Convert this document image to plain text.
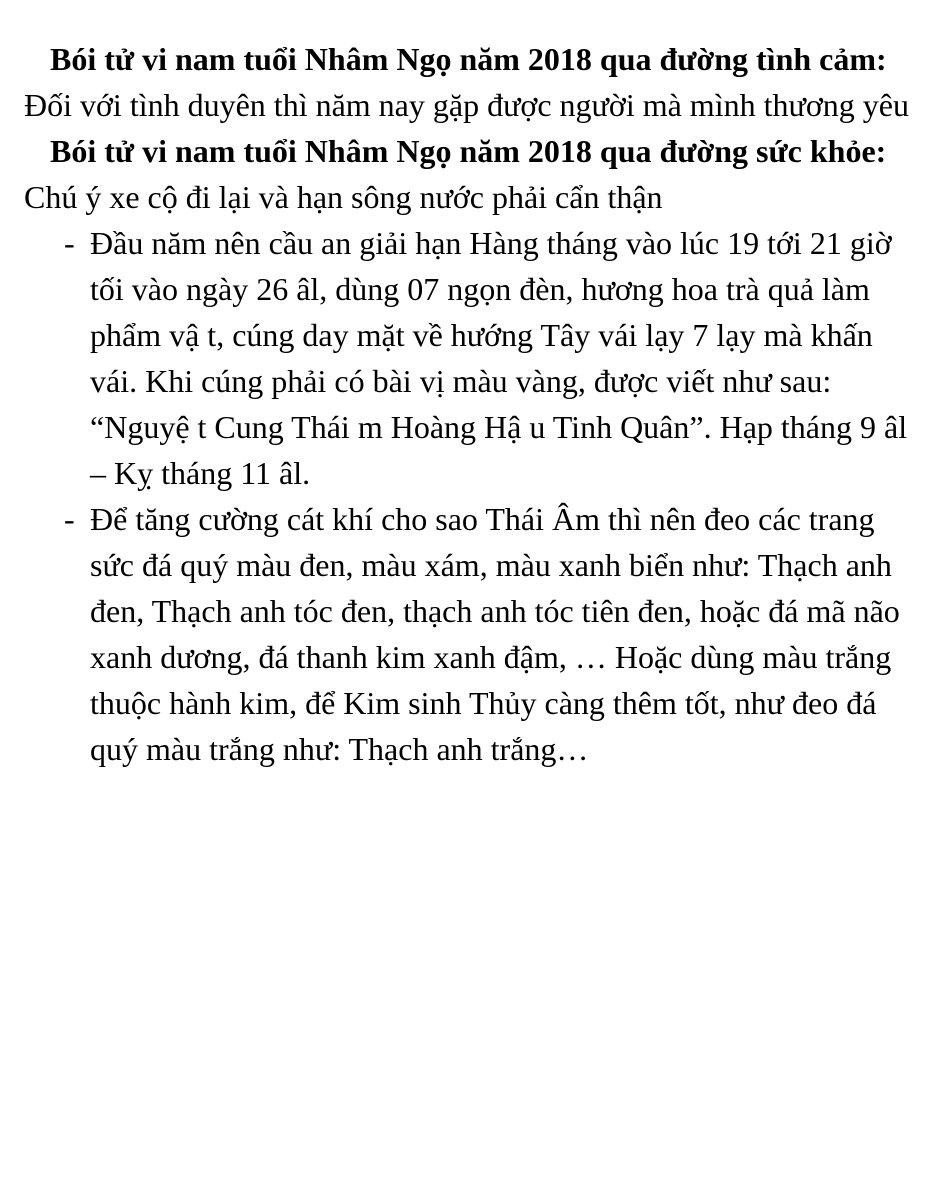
Bói tử vi nam tuổi Nhâm Ngọ năm 2018 qua đường tình cảm: Đối với tình duyên thì năm nay gặp được người mà mình thương yêu

Bói tử vi nam tuổi Nhâm Ngọ năm 2018 qua đường sức khỏe: Chú ý xe cộ đi lại và hạn sông nước phải cẩn thận

- Đầu năm nên cầu an giải hạn Hàng tháng vào lúc 19 tới 21 giờ tối vào ngày 26 âl, dùng 07 ngọn đèn, hương hoa trà quả làm phẩm vậ t, cúng day mặt về hướng Tây vái lạy 7 lạy mà khấn vái. Khi cúng phải có bài vị màu vàng, được viết như sau: “Nguyệ t Cung Thái m Hoàng Hậ u Tinh Quân”. Hạp tháng 9 âl – Kỵ tháng 11 âl.
- Để tăng cường cát khí cho sao Thái Âm thì nên đeo các trang sức đá quý màu đen, màu xám, màu xanh biển như: Thạch anh đen, Thạch anh tóc đen, thạch anh tóc tiên đen, hoặc đá mã não xanh dương, đá thanh kim xanh đậm, … Hoặc dùng màu trắng thuộc hành kim, để Kim sinh Thủy càng thêm tốt, như đeo đá quý màu trắng như: Thạch anh trắng…
